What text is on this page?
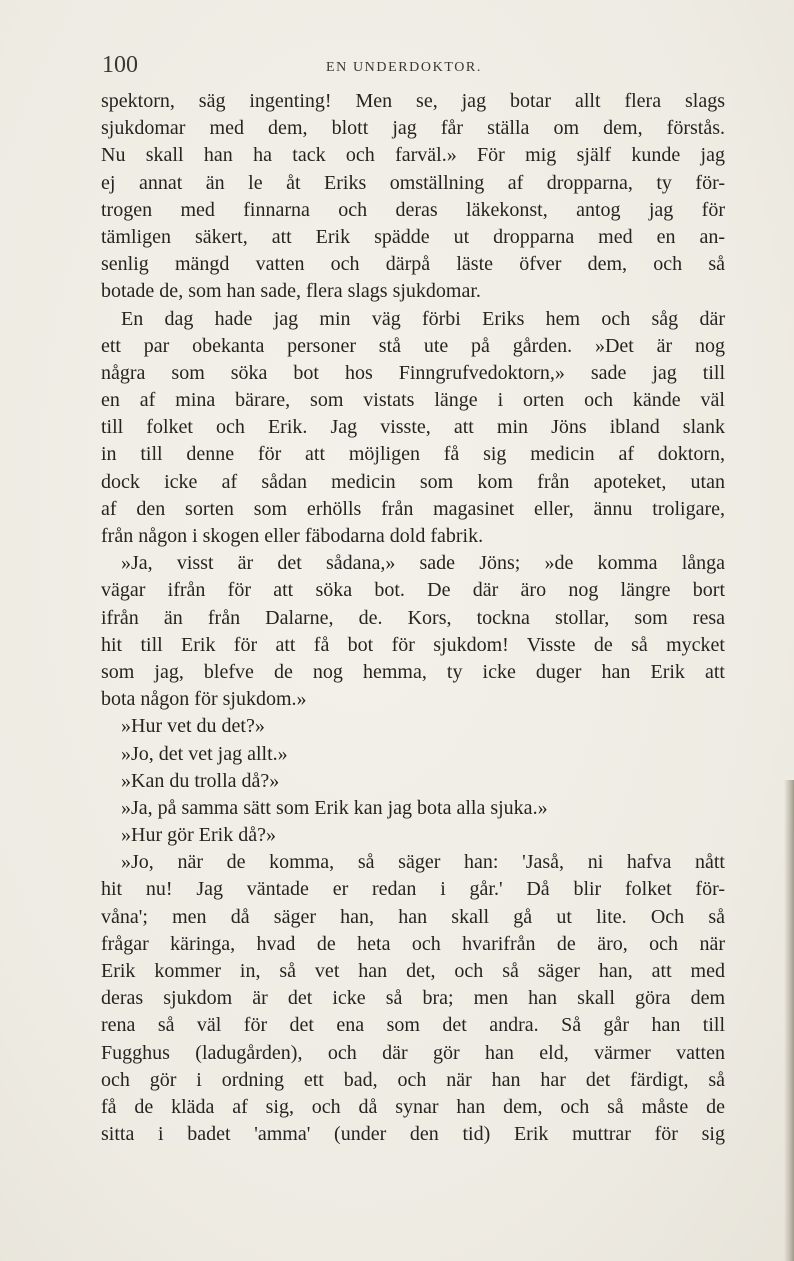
100	EN UNDERDOKTOR.
spektorn, säg ingenting! Men se, jag botar allt flera slags
sjukdomar med dem, blott jag får ställa om dem, förstås.
Nu skall han ha tack och farväl.» För mig själf kunde jag
ej annat än le åt Eriks omställning af dropparna, ty för-
trogen med finnarna och deras läkekonst, antog jag för
tämligen säkert, att Erik spädde ut dropparna med en an-
senlig mängd vatten och därpå läste öfver dem, och så
botade de, som han sade, flera slags sjukdomar.
En dag hade jag min väg förbi Eriks hem och såg där
ett par obekanta personer stå ute på gården. »Det är nog
några som söka bot hos Finngrufvedoktorn,» sade jag till
en af mina bärare, som vistats länge i orten och kände väl
till folket och Erik. Jag visste, att min Jöns ibland slank
in till denne för att möjligen få sig medicin af doktorn,
dock icke af sådan medicin som kom från apoteket, utan
af den sorten som erhölls från magasinet eller, ännu troligare,
från någon i skogen eller fäbodarna dold fabrik.
»Ja, visst är det sådana,» sade Jöns; »de komma långa
vägar ifrån för att söka bot. De där äro nog längre bort
ifrån än från Dalarne, de. Kors, tockna stollar, som resa
hit till Erik för att få bot för sjukdom! Visste de så mycket
som jag, blefve de nog hemma, ty icke duger han Erik att
bota någon för sjukdom.»
»Hur vet du det?»
»Jo, det vet jag allt.»
»Kan du trolla då?»
»Ja, på samma sätt som Erik kan jag bota alla sjuka.»
»Hur gör Erik då?»
»Jo, när de komma, så säger han: 'Jaså, ni hafva nått
hit nu! Jag väntade er redan i går.' Då blir folket för-
våna'; men då säger han, han skall gå ut lite. Och så
frågar käringa, hvad de heta och hvarifrån de äro, och när
Erik kommer in, så vet han det, och så säger han, att med
deras sjukdom är det icke så bra; men han skall göra dem
rena så väl för det ena som det andra. Så går han till
Fugghus (ladugården), och där gör han eld, värmer vatten
och gör i ordning ett bad, och när han har det färdigt, så
få de kläda af sig, och då synar han dem, och så måste de
sitta i badet 'amma' (under den tid) Erik muttrar för sig
